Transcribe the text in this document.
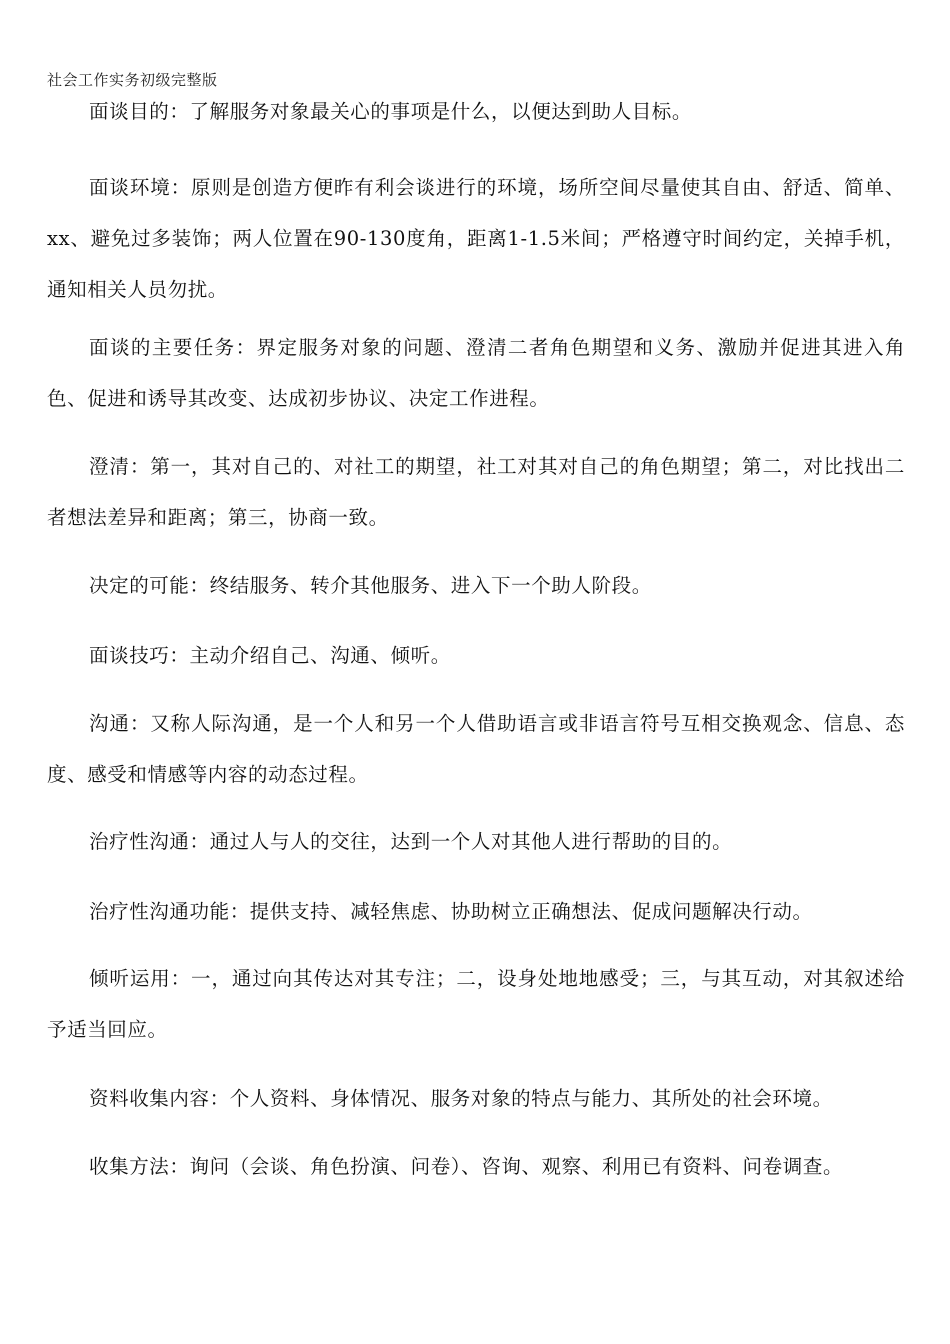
社会工作实务初级完整版

面谈目的：了解服务对象最关心的事项是什么，以便达到助人目标。

面谈环境：原则是创造方便昨有利会谈进行的环境，场所空间尽量使其自由、舒适、简单、xx、避免过多装饰；两人位置在90-130度角，距离1-1.5米间；严格遵守时间约定，关掉手机，通知相关人员勿扰。

面谈的主要任务：界定服务对象的问题、澄清二者角色期望和义务、激励并促进其进入角色、促进和诱导其改变、达成初步协议、决定工作进程。

澄清：第一，其对自己的、对社工的期望，社工对其对自己的角色期望；第二，对比找出二者想法差异和距离；第三，协商一致。

决定的可能：终结服务、转介其他服务、进入下一个助人阶段。

面谈技巧：主动介绍自己、沟通、倾听。

沟通：又称人际沟通，是一个人和另一个人借助语言或非语言符号互相交换观念、信息、态度、感受和情感等内容的动态过程。

治疗性沟通：通过人与人的交往，达到一个人对其他人进行帮助的目的。

治疗性沟通功能：提供支持、减轻焦虑、协助树立正确想法、促成问题解决行动。

倾听运用：一，通过向其传达对其专注；二，设身处地地感受；三，与其互动，对其叙述给予适当回应。

资料收集内容：个人资料、身体情况、服务对象的特点与能力、其所处的社会环境。

收集方法：询问（会谈、角色扮演、问卷）、咨询、观察、利用已有资料、问卷调查。
